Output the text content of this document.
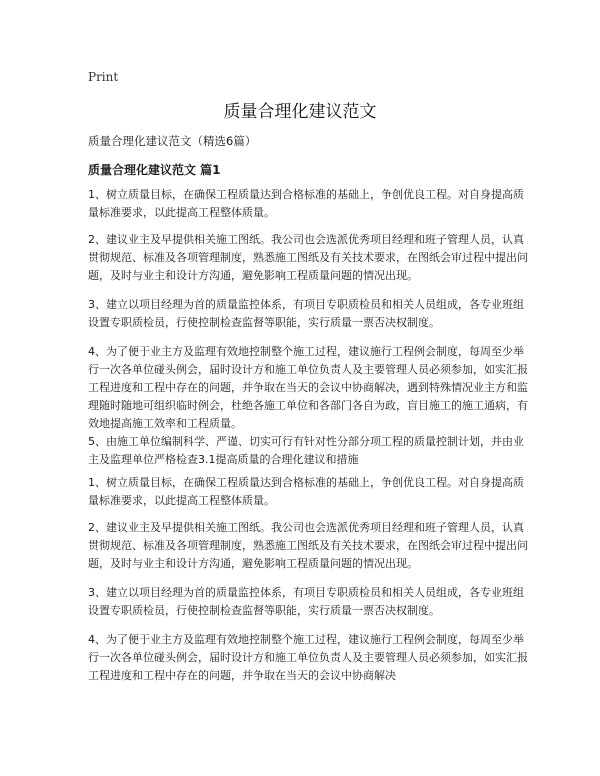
Print
质量合理化建议范文
质量合理化建议范文（精选6篇）
质量合理化建议范文 篇1

1、树立质量目标，在确保工程质量达到合格标准的基础上，争创优良工程。对自身提高质量标准要求，以此提高工程整体质量。

2、建议业主及早提供相关施工图纸。我公司也会选派优秀项目经理和班子管理人员，认真贯彻规范、标准及各项管理制度，熟悉施工图纸及有关技术要求，在图纸会审过程中提出问题，及时与业主和设计方沟通，避免影响工程质量问题的情况出现。

3、建立以项目经理为首的质量监控体系，有项目专职质检员和相关人员组成，各专业班组设置专职质检员，行使控制检查监督等职能，实行质量一票否决权制度。

4、为了便于业主方及监理有效地控制整个施工过程，建议施行工程例会制度，每周至少举行一次各单位碰头例会，届时设计方和施工单位负责人及主要管理人员必须参加，如实汇报工程进度和工程中存在的问题，并争取在当天的会议中协商解决，遇到特殊情况业主方和监理随时随地可组织临时例会，杜绝各施工单位和各部门各自为政，盲目施工的施工通病，有效地提高施工效率和工程质量。

5、由施工单位编制科学、严谨、切实可行有针对性分部分项工程的质量控制计划，并由业主及监理单位严格检查3.1提高质量的合理化建议和措施

1、树立质量目标，在确保工程质量达到合格标准的基础上，争创优良工程。对自身提高质量标准要求，以此提高工程整体质量。

2、建议业主及早提供相关施工图纸。我公司也会选派优秀项目经理和班子管理人员，认真贯彻规范、标准及各项管理制度，熟悉施工图纸及有关技术要求，在图纸会审过程中提出问题，及时与业主和设计方沟通，避免影响工程质量问题的情况出现。

3、建立以项目经理为首的质量监控体系，有项目专职质检员和相关人员组成，各专业班组设置专职质检员，行使控制检查监督等职能，实行质量一票否决权制度。

4、为了便于业主方及监理有效地控制整个施工过程，建议施行工程例会制度，每周至少举行一次各单位碰头例会，届时设计方和施工单位负责人及主要管理人员必须参加，如实汇报工程进度和工程中存在的问题，并争取在当天的会议中协商解决
